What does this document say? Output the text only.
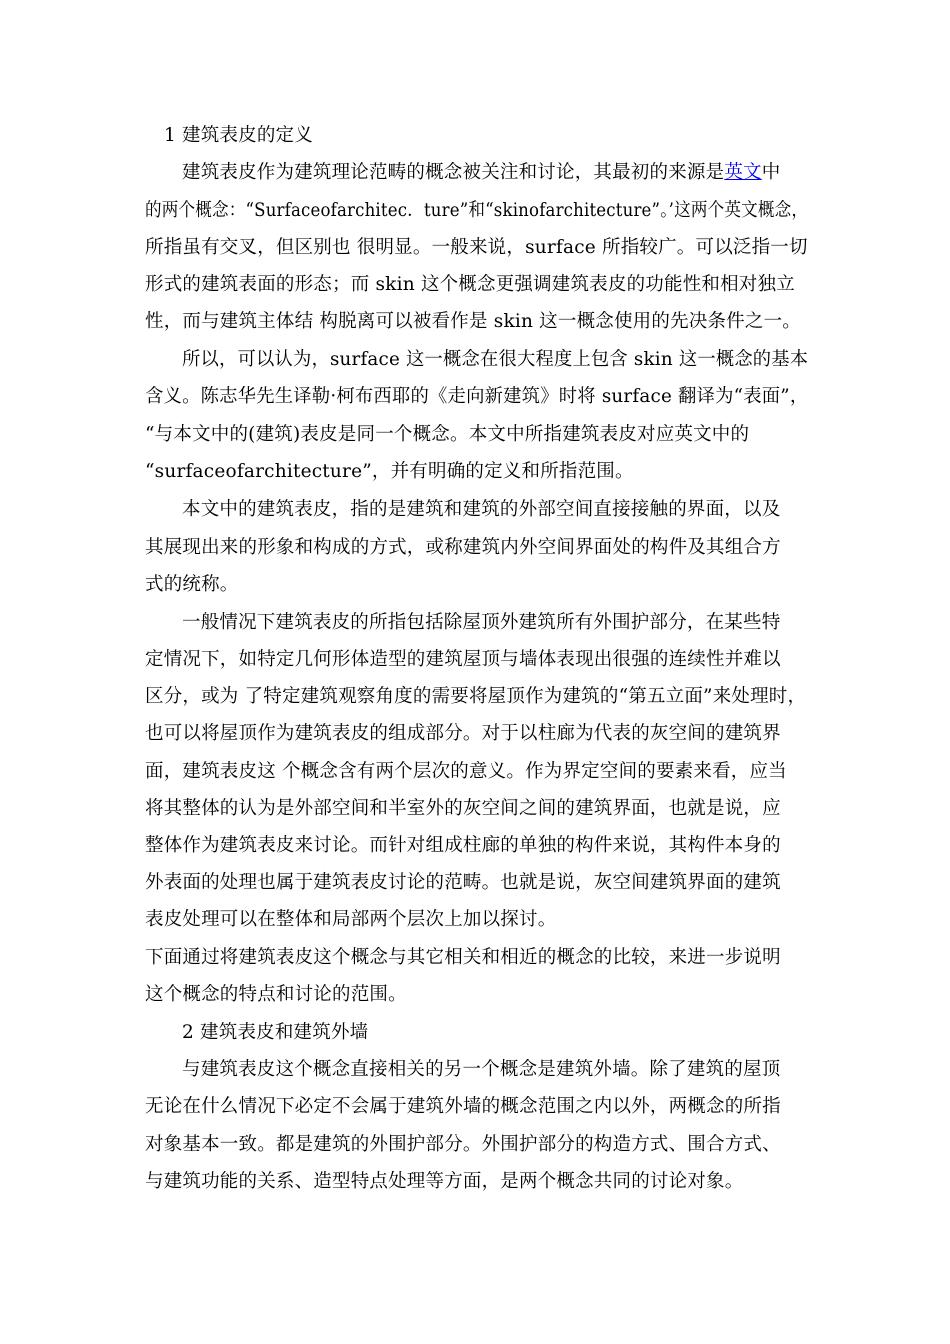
1 建筑表皮的定义
建筑表皮作为建筑理论范畴的概念被关注和讨论，其最初的来源是英文中
的两个概念：“Surfaceofarchitec．ture”和“skinofarchitecture”。’这两个英文概念，
所指虽有交叉，但区别也 很明显。一般来说，surface 所指较广。可以泛指一切
形式的建筑表面的形态；而 skin 这个概念更强调建筑表皮的功能性和相对独立
性，而与建筑主体结 构脱离可以被看作是 skin 这一概念使用的先决条件之一。
所以，可以认为，surface 这一概念在很大程度上包含 skin 这一概念的基本
含义。陈志华先生译勒·柯布西耶的《走向新建筑》时将 surface 翻译为“表面”，
“与本文中的(建筑)表皮是同一个概念。本文中所指建筑表皮对应英文中的
“surfaceofarchitecture”，并有明确的定义和所指范围。
本文中的建筑表皮，指的是建筑和建筑的外部空间直接接触的界面，以及
其展现出来的形象和构成的方式，或称建筑内外空间界面处的构件及其组合方
式的统称。
一般情况下建筑表皮的所指包括除屋顶外建筑所有外围护部分，在某些特
定情况下，如特定几何形体造型的建筑屋顶与墙体表现出很强的连续性并难以
区分，或为 了特定建筑观察角度的需要将屋顶作为建筑的“第五立面”来处理时，
也可以将屋顶作为建筑表皮的组成部分。对于以柱廊为代表的灰空间的建筑界
面，建筑表皮这 个概念含有两个层次的意义。作为界定空间的要素来看，应当
将其整体的认为是外部空间和半室外的灰空间之间的建筑界面，也就是说，应
整体作为建筑表皮来讨论。而针对组成柱廊的单独的构件来说，其构件本身的
外表面的处理也属于建筑表皮讨论的范畴。也就是说，灰空间建筑界面的建筑
表皮处理可以在整体和局部两个层次上加以探讨。
下面通过将建筑表皮这个概念与其它相关和相近的概念的比较，来进一步说明
这个概念的特点和讨论的范围。
2 建筑表皮和建筑外墙
与建筑表皮这个概念直接相关的另一个概念是建筑外墙。除了建筑的屋顶
无论在什么情况下必定不会属于建筑外墙的概念范围之内以外，两概念的所指
对象基本一致。都是建筑的外围护部分。外围护部分的构造方式、围合方式、
与建筑功能的关系、造型特点处理等方面，是两个概念共同的讨论对象。
